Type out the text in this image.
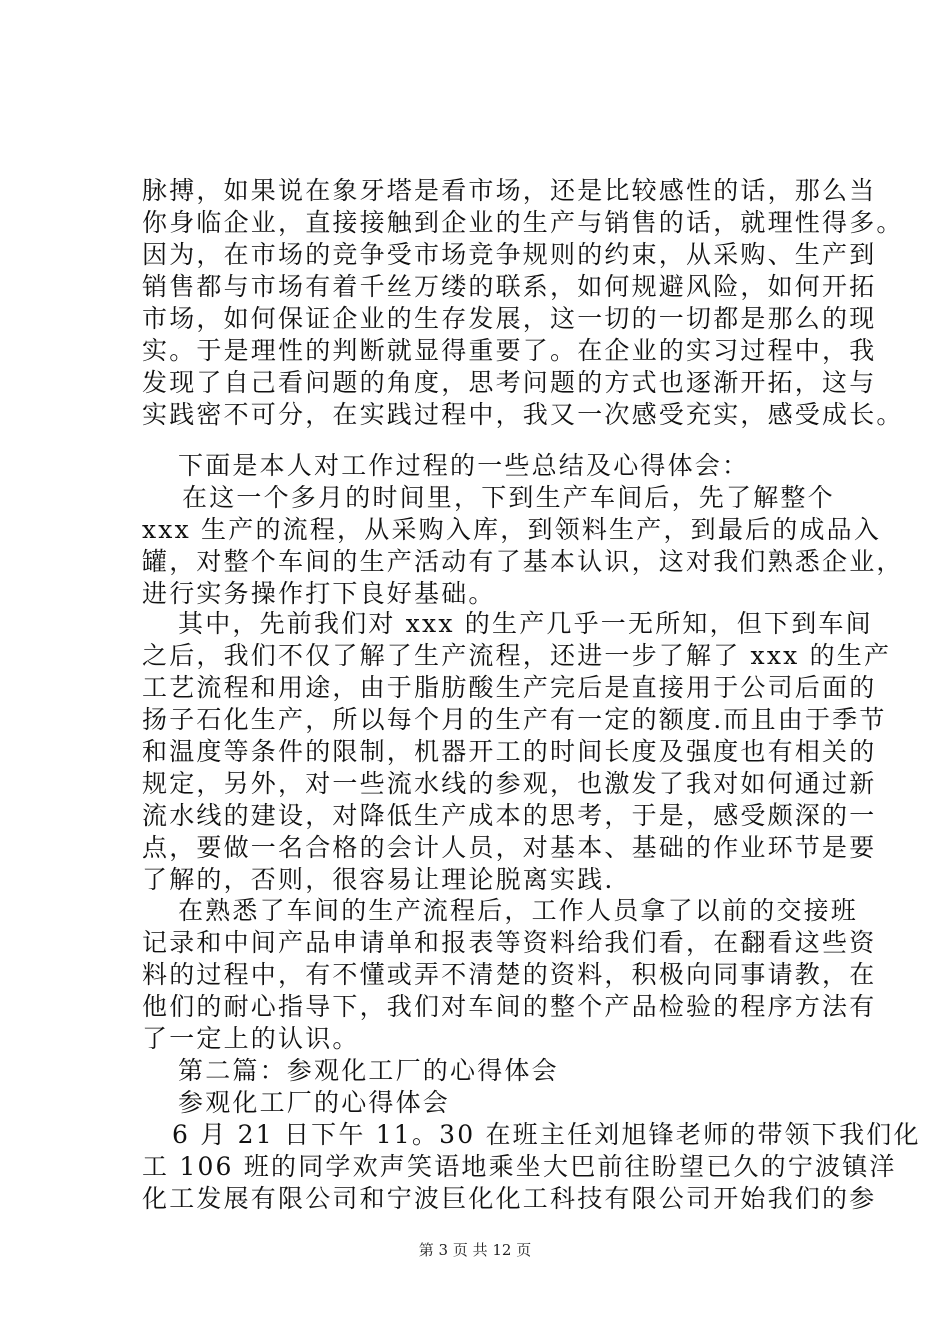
脉搏，如果说在象牙塔是看市场，还是比较感性的话，那么当
你身临企业，直接接触到企业的生产与销售的话，就理性得多。
因为，在市场的竞争受市场竞争规则的约束，从采购、生产到
销售都与市场有着千丝万缕的联系，如何规避风险，如何开拓
市场，如何保证企业的生存发展，这一切的一切都是那么的现
实。于是理性的判断就显得重要了。在企业的实习过程中，我
发现了自己看问题的角度，思考问题的方式也逐渐开拓，这与
实践密不可分，在实践过程中，我又一次感受充实，感受成长。
下面是本人对工作过程的一些总结及心得体会：
在这一个多月的时间里，下到生产车间后，先了解整个
xxx 生产的流程，从采购入库，到领料生产，到最后的成品入
罐，对整个车间的生产活动有了基本认识，这对我们熟悉企业，
进行实务操作打下良好基础。
其中，先前我们对 xxx 的生产几乎一无所知，但下到车间
之后，我们不仅了解了生产流程，还进一步了解了 xxx 的生产
工艺流程和用途，由于脂肪酸生产完后是直接用于公司后面的
扬子石化生产，所以每个月的生产有一定的额度.而且由于季节
和温度等条件的限制，机器开工的时间长度及强度也有相关的
规定，另外，对一些流水线的参观，也激发了我对如何通过新
流水线的建设，对降低生产成本的思考，于是，感受颇深的一
点，要做一名合格的会计人员，对基本、基础的作业环节是要
了解的，否则，很容易让理论脱离实践.
在熟悉了车间的生产流程后，工作人员拿了以前的交接班
记录和中间产品申请单和报表等资料给我们看，在翻看这些资
料的过程中，有不懂或弄不清楚的资料，积极向同事请教，在
他们的耐心指导下，我们对车间的整个产品检验的程序方法有
了一定上的认识。
第二篇：参观化工厂的心得体会
参观化工厂的心得体会
6 月 21 日下午 11。30 在班主任刘旭锋老师的带领下我们化
工 106 班的同学欢声笑语地乘坐大巴前往盼望已久的宁波镇洋
化工发展有限公司和宁波巨化化工科技有限公司开始我们的参
第 3 页 共 12 页
